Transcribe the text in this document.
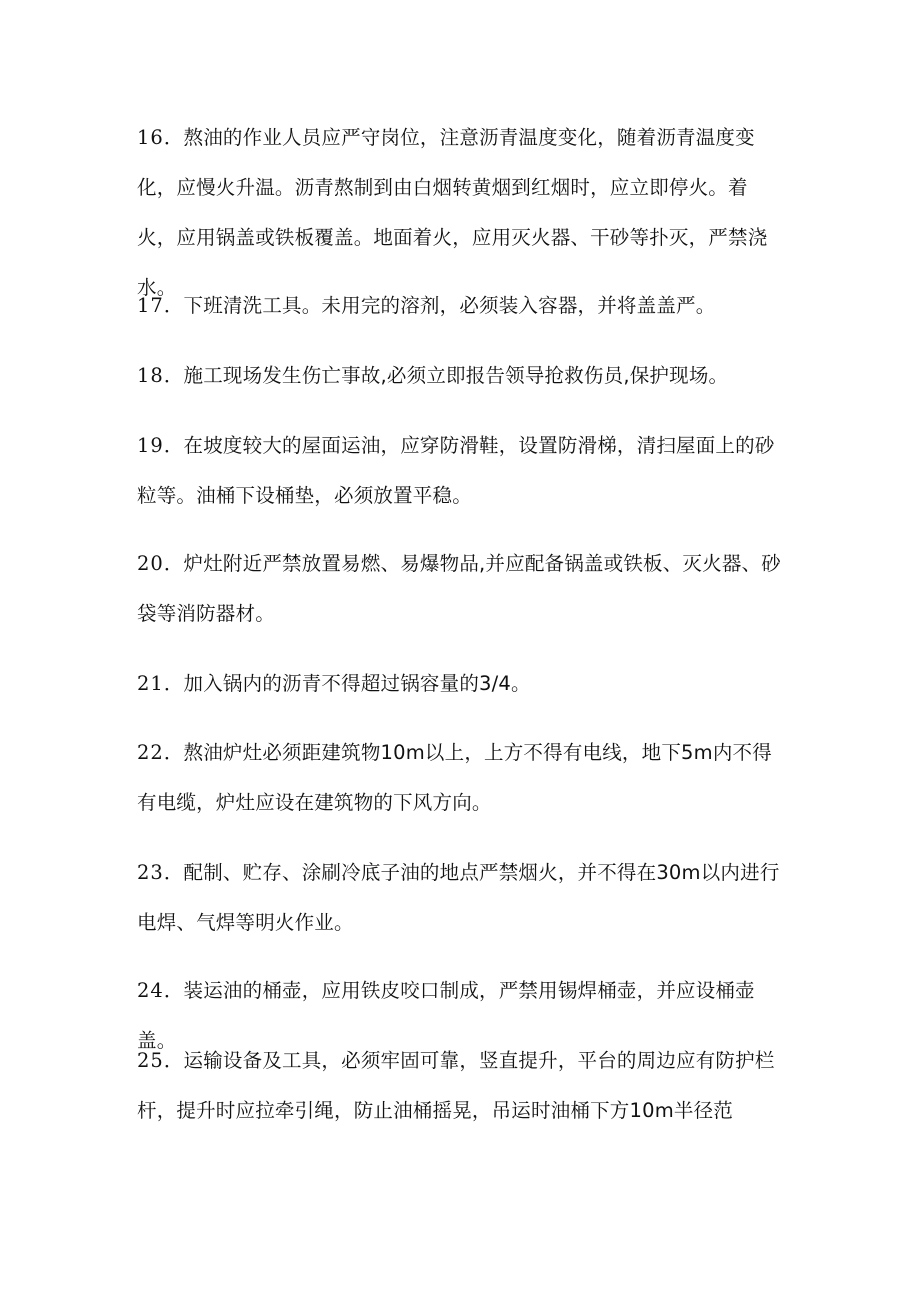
16．熬油的作业人员应严守岗位，注意沥青温度变化，随着沥青温度变化，应慢火升温。沥青熬制到由白烟转黄烟到红烟时，应立即停火。着火，应用锅盖或铁板覆盖。地面着火，应用灭火器、干砂等扑灭，严禁浇水。

17．下班清洗工具。未用完的溶剂，必须装入容器，并将盖盖严。

18．施工现场发生伤亡事故,必须立即报告领导抢救伤员,保护现场。

19．在坡度较大的屋面运油，应穿防滑鞋，设置防滑梯，清扫屋面上的砂粒等。油桶下设桶垫，必须放置平稳。

20．炉灶附近严禁放置易燃、易爆物品,并应配备锅盖或铁板、灭火器、砂袋等消防器材。

21．加入锅内的沥青不得超过锅容量的3/4。

22．熬油炉灶必须距建筑物10m以上，上方不得有电线，地下5m内不得有电缆，炉灶应设在建筑物的下风方向。

23．配制、贮存、涂刷冷底子油的地点严禁烟火，并不得在30m以内进行电焊、气焊等明火作业。

24．装运油的桶壶，应用铁皮咬口制成，严禁用锡焊桶壶，并应设桶壶盖。

25．运输设备及工具，必须牢固可靠，竖直提升，平台的周边应有防护栏杆，提升时应拉牵引绳，防止油桶摇晃，吊运时油桶下方10m半径范
